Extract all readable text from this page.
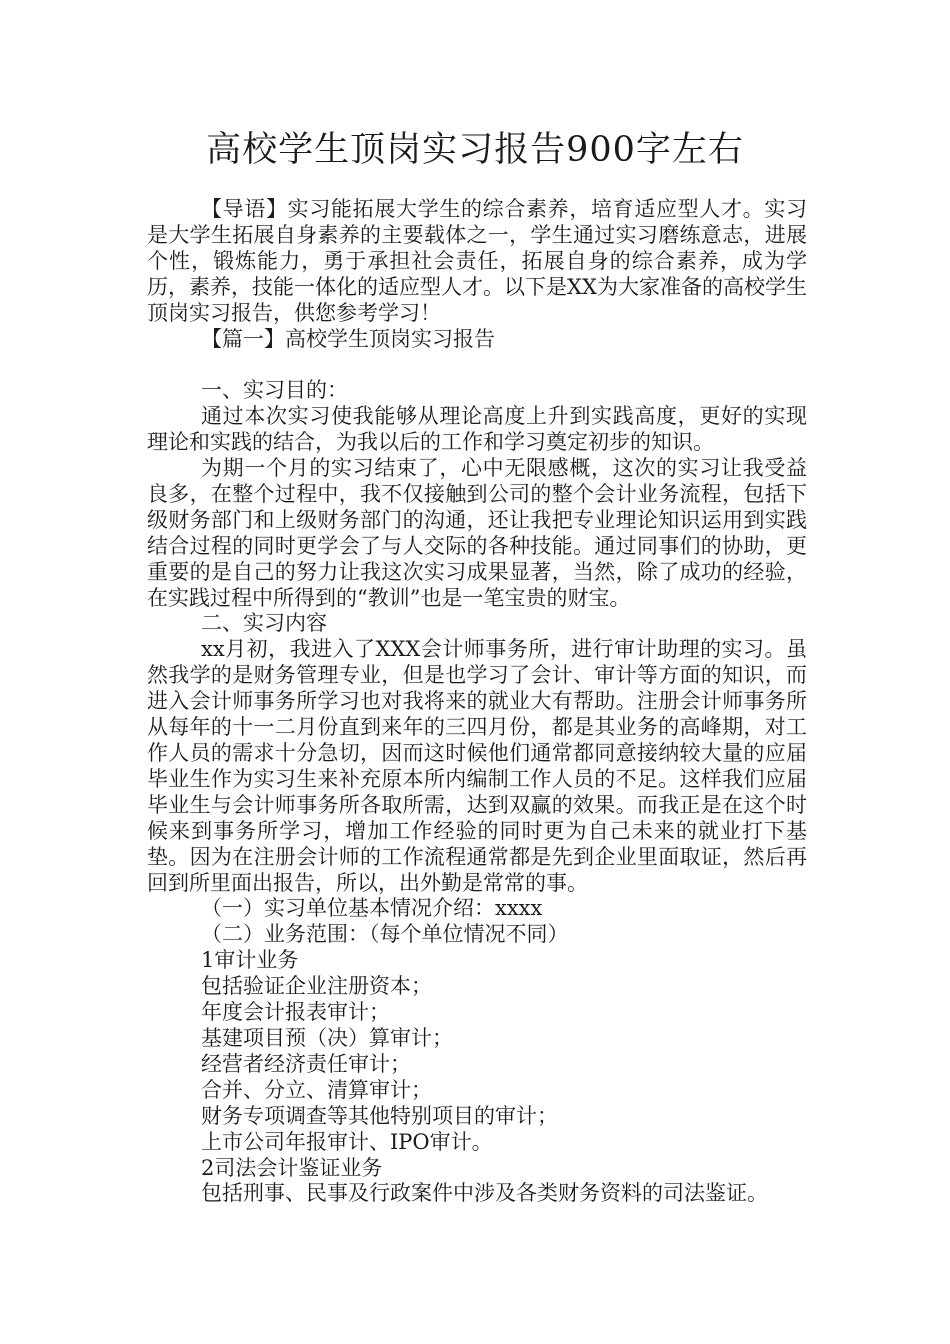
高校学生顶岗实习报告900字左右

【导语】实习能拓展大学生的综合素养，培育适应型人才。实习是大学生拓展自身素养的主要载体之一，学生通过实习磨练意志，进展个性，锻炼能力，勇于承担社会责任，拓展自身的综合素养，成为学历，素养，技能一体化的适应型人才。以下是XX为大家准备的高校学生顶岗实习报告，供您参考学习！

【篇一】高校学生顶岗实习报告

一、实习目的：

通过本次实习使我能够从理论高度上升到实践高度，更好的实现理论和实践的结合，为我以后的工作和学习奠定初步的知识。

为期一个月的实习结束了，心中无限感概，这次的实习让我受益良多，在整个过程中，我不仅接触到公司的整个会计业务流程，包括下级财务部门和上级财务部门的沟通，还让我把专业理论知识运用到实践结合过程的同时更学会了与人交际的各种技能。通过同事们的协助，更重要的是自己的努力让我这次实习成果显著，当然，除了成功的经验，在实践过程中所得到的“教训”也是一笔宝贵的财宝。

二、实习内容

xx月初，我进入了XXX会计师事务所，进行审计助理的实习。虽然我学的是财务管理专业，但是也学习了会计、审计等方面的知识，而进入会计师事务所学习也对我将来的就业大有帮助。注册会计师事务所从每年的十一二月份直到来年的三四月份，都是其业务的高峰期，对工作人员的需求十分急切，因而这时候他们通常都同意接纳较大量的应届毕业生作为实习生来补充原本所内编制工作人员的不足。这样我们应届毕业生与会计师事务所各取所需，达到双赢的效果。而我正是在这个时候来到事务所学习，增加工作经验的同时更为自己未来的就业打下基垫。因为在注册会计师的工作流程通常都是先到企业里面取证，然后再回到所里面出报告，所以，出外勤是常常的事。

（一）实习单位基本情况介绍：xxxx

（二）业务范围：（每个单位情况不同）

1审计业务

包括验证企业注册资本；

年度会计报表审计；

基建项目预（决）算审计；

经营者经济责任审计；

合并、分立、清算审计；

财务专项调查等其他特别项目的审计；

上市公司年报审计、IPO审计。

2司法会计鉴证业务

包括刑事、民事及行政案件中涉及各类财务资料的司法鉴证。
